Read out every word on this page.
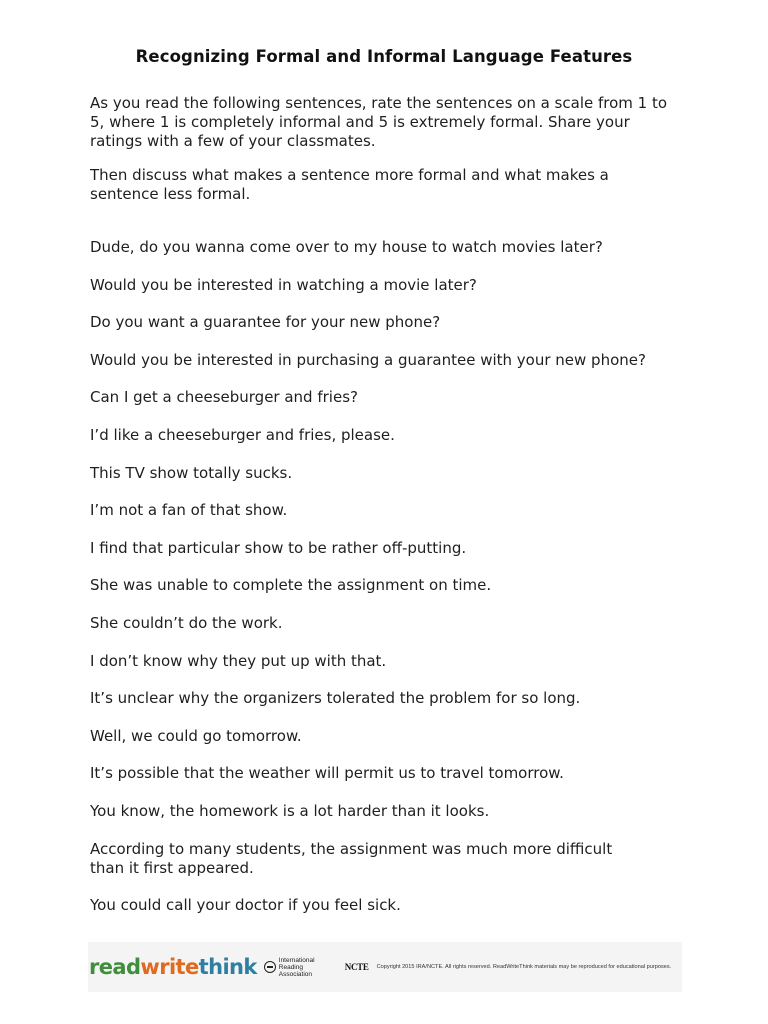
Recognizing Formal and Informal Language Features

As you read the following sentences, rate the sentences on a scale from 1 to 5, where 1 is completely informal and 5 is extremely formal. Share your ratings with a few of your classmates.

Then discuss what makes a sentence more formal and what makes a sentence less formal.

Dude, do you wanna come over to my house to watch movies later?
Would you be interested in watching a movie later?
Do you want a guarantee for your new phone?
Would you be interested in purchasing a guarantee with your new phone?
Can I get a cheeseburger and fries?
I’d like a cheeseburger and fries, please.
This TV show totally sucks.
I’m not a fan of that show.
I find that particular show to be rather off-putting.
She was unable to complete the assignment on time.
She couldn’t do the work.
I don’t know why they put up with that.
It’s unclear why the organizers tolerated the problem for so long.
Well, we could go tomorrow.
It’s possible that the weather will permit us to travel tomorrow.
You know, the homework is a lot harder than it looks.
According to many students, the assignment was much more difficult than it first appeared.
You could call your doctor if you feel sick.
readwritethink	International Reading Association
NCTE Copyright 2015 IRA/NCTE. All rights reserved. ReadWriteThink materials may be reproduced for educational purposes.
